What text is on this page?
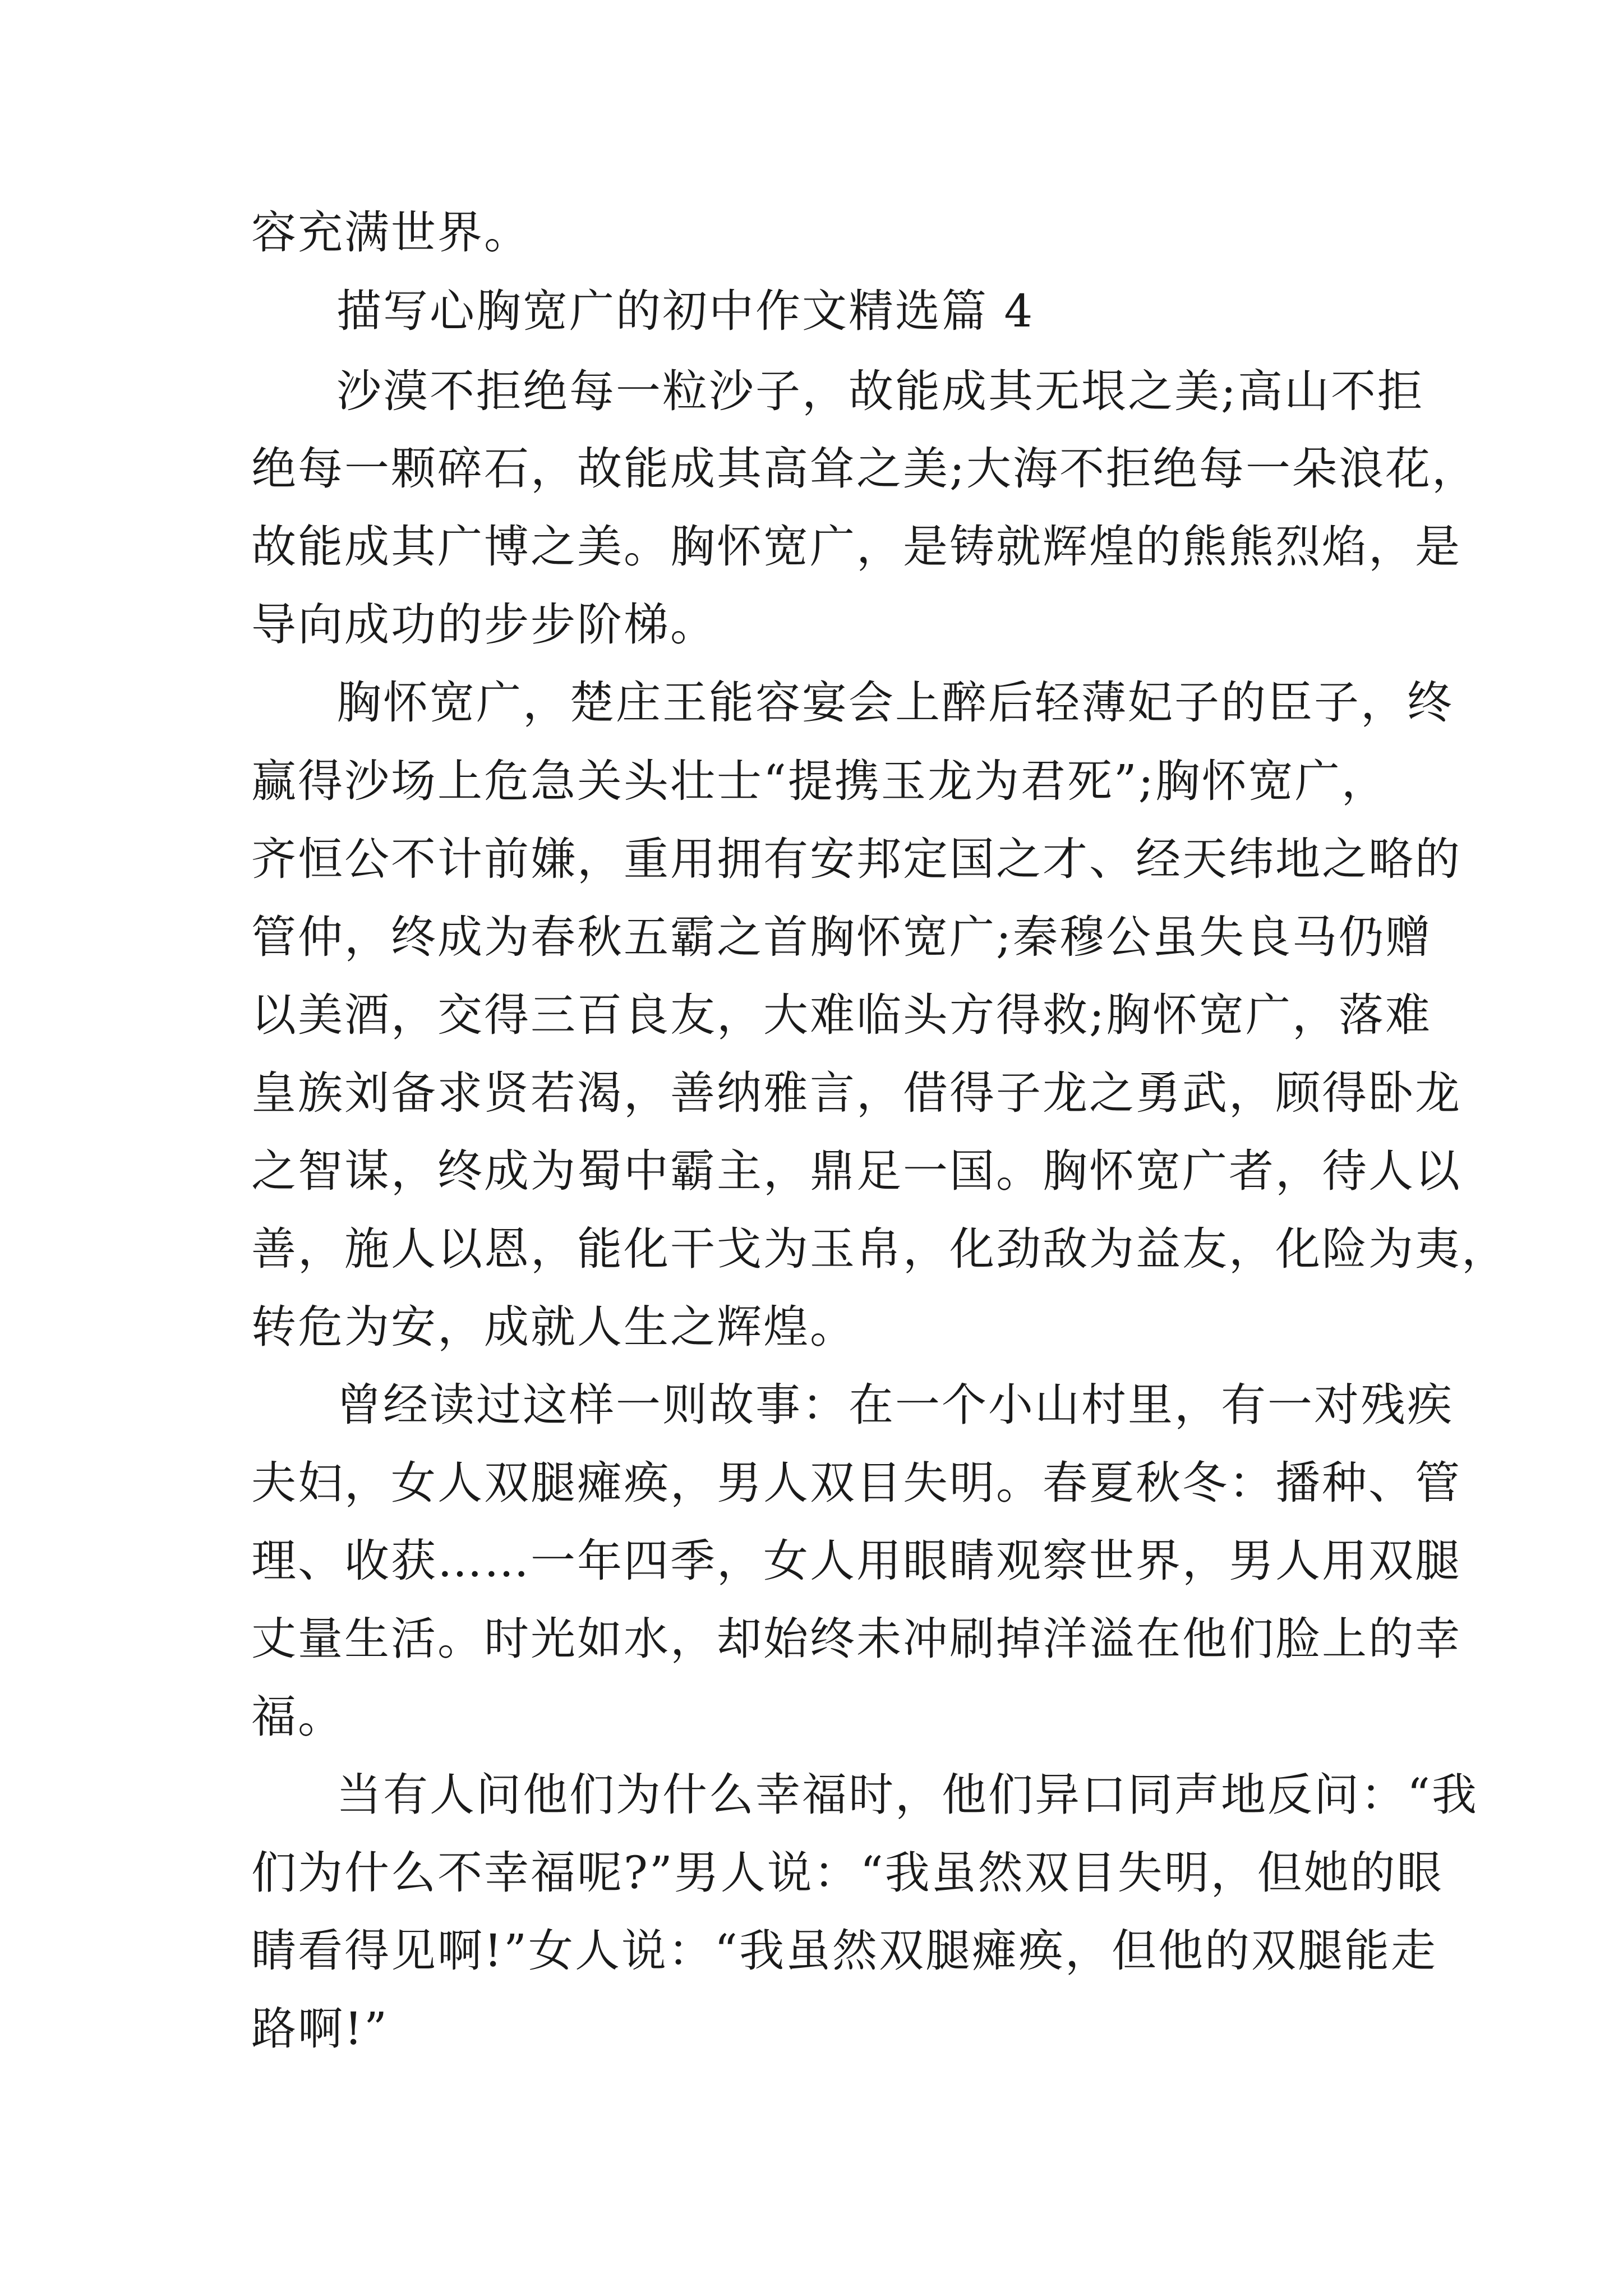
容充满世界。
描写心胸宽广的初中作文精选篇 4
沙漠不拒绝每一粒沙子，故能成其无垠之美;高山不拒
绝每一颗碎石，故能成其高耸之美;大海不拒绝每一朵浪花，
故能成其广博之美。胸怀宽广，是铸就辉煌的熊熊烈焰，是
导向成功的步步阶梯。
胸怀宽广，楚庄王能容宴会上醉后轻薄妃子的臣子，终
赢得沙场上危急关头壮士“提携玉龙为君死”;胸怀宽广，
齐恒公不计前嫌，重用拥有安邦定国之才、经天纬地之略的
管仲，终成为春秋五霸之首胸怀宽广;秦穆公虽失良马仍赠
以美酒，交得三百良友，大难临头方得救;胸怀宽广，落难
皇族刘备求贤若渴，善纳雅言，借得子龙之勇武，顾得卧龙
之智谋，终成为蜀中霸主，鼎足一国。胸怀宽广者，待人以
善，施人以恩，能化干戈为玉帛，化劲敌为益友，化险为夷，
转危为安，成就人生之辉煌。
曾经读过这样一则故事：在一个小山村里，有一对残疾
夫妇，女人双腿瘫痪，男人双目失明。春夏秋冬：播种、管
理、收获……一年四季，女人用眼睛观察世界，男人用双腿
丈量生活。时光如水，却始终未冲刷掉洋溢在他们脸上的幸
福。
当有人问他们为什么幸福时，他们异口同声地反问：“我
们为什么不幸福呢?”男人说：“我虽然双目失明，但她的眼
睛看得见啊!”女人说：“我虽然双腿瘫痪，但他的双腿能走
路啊!”
